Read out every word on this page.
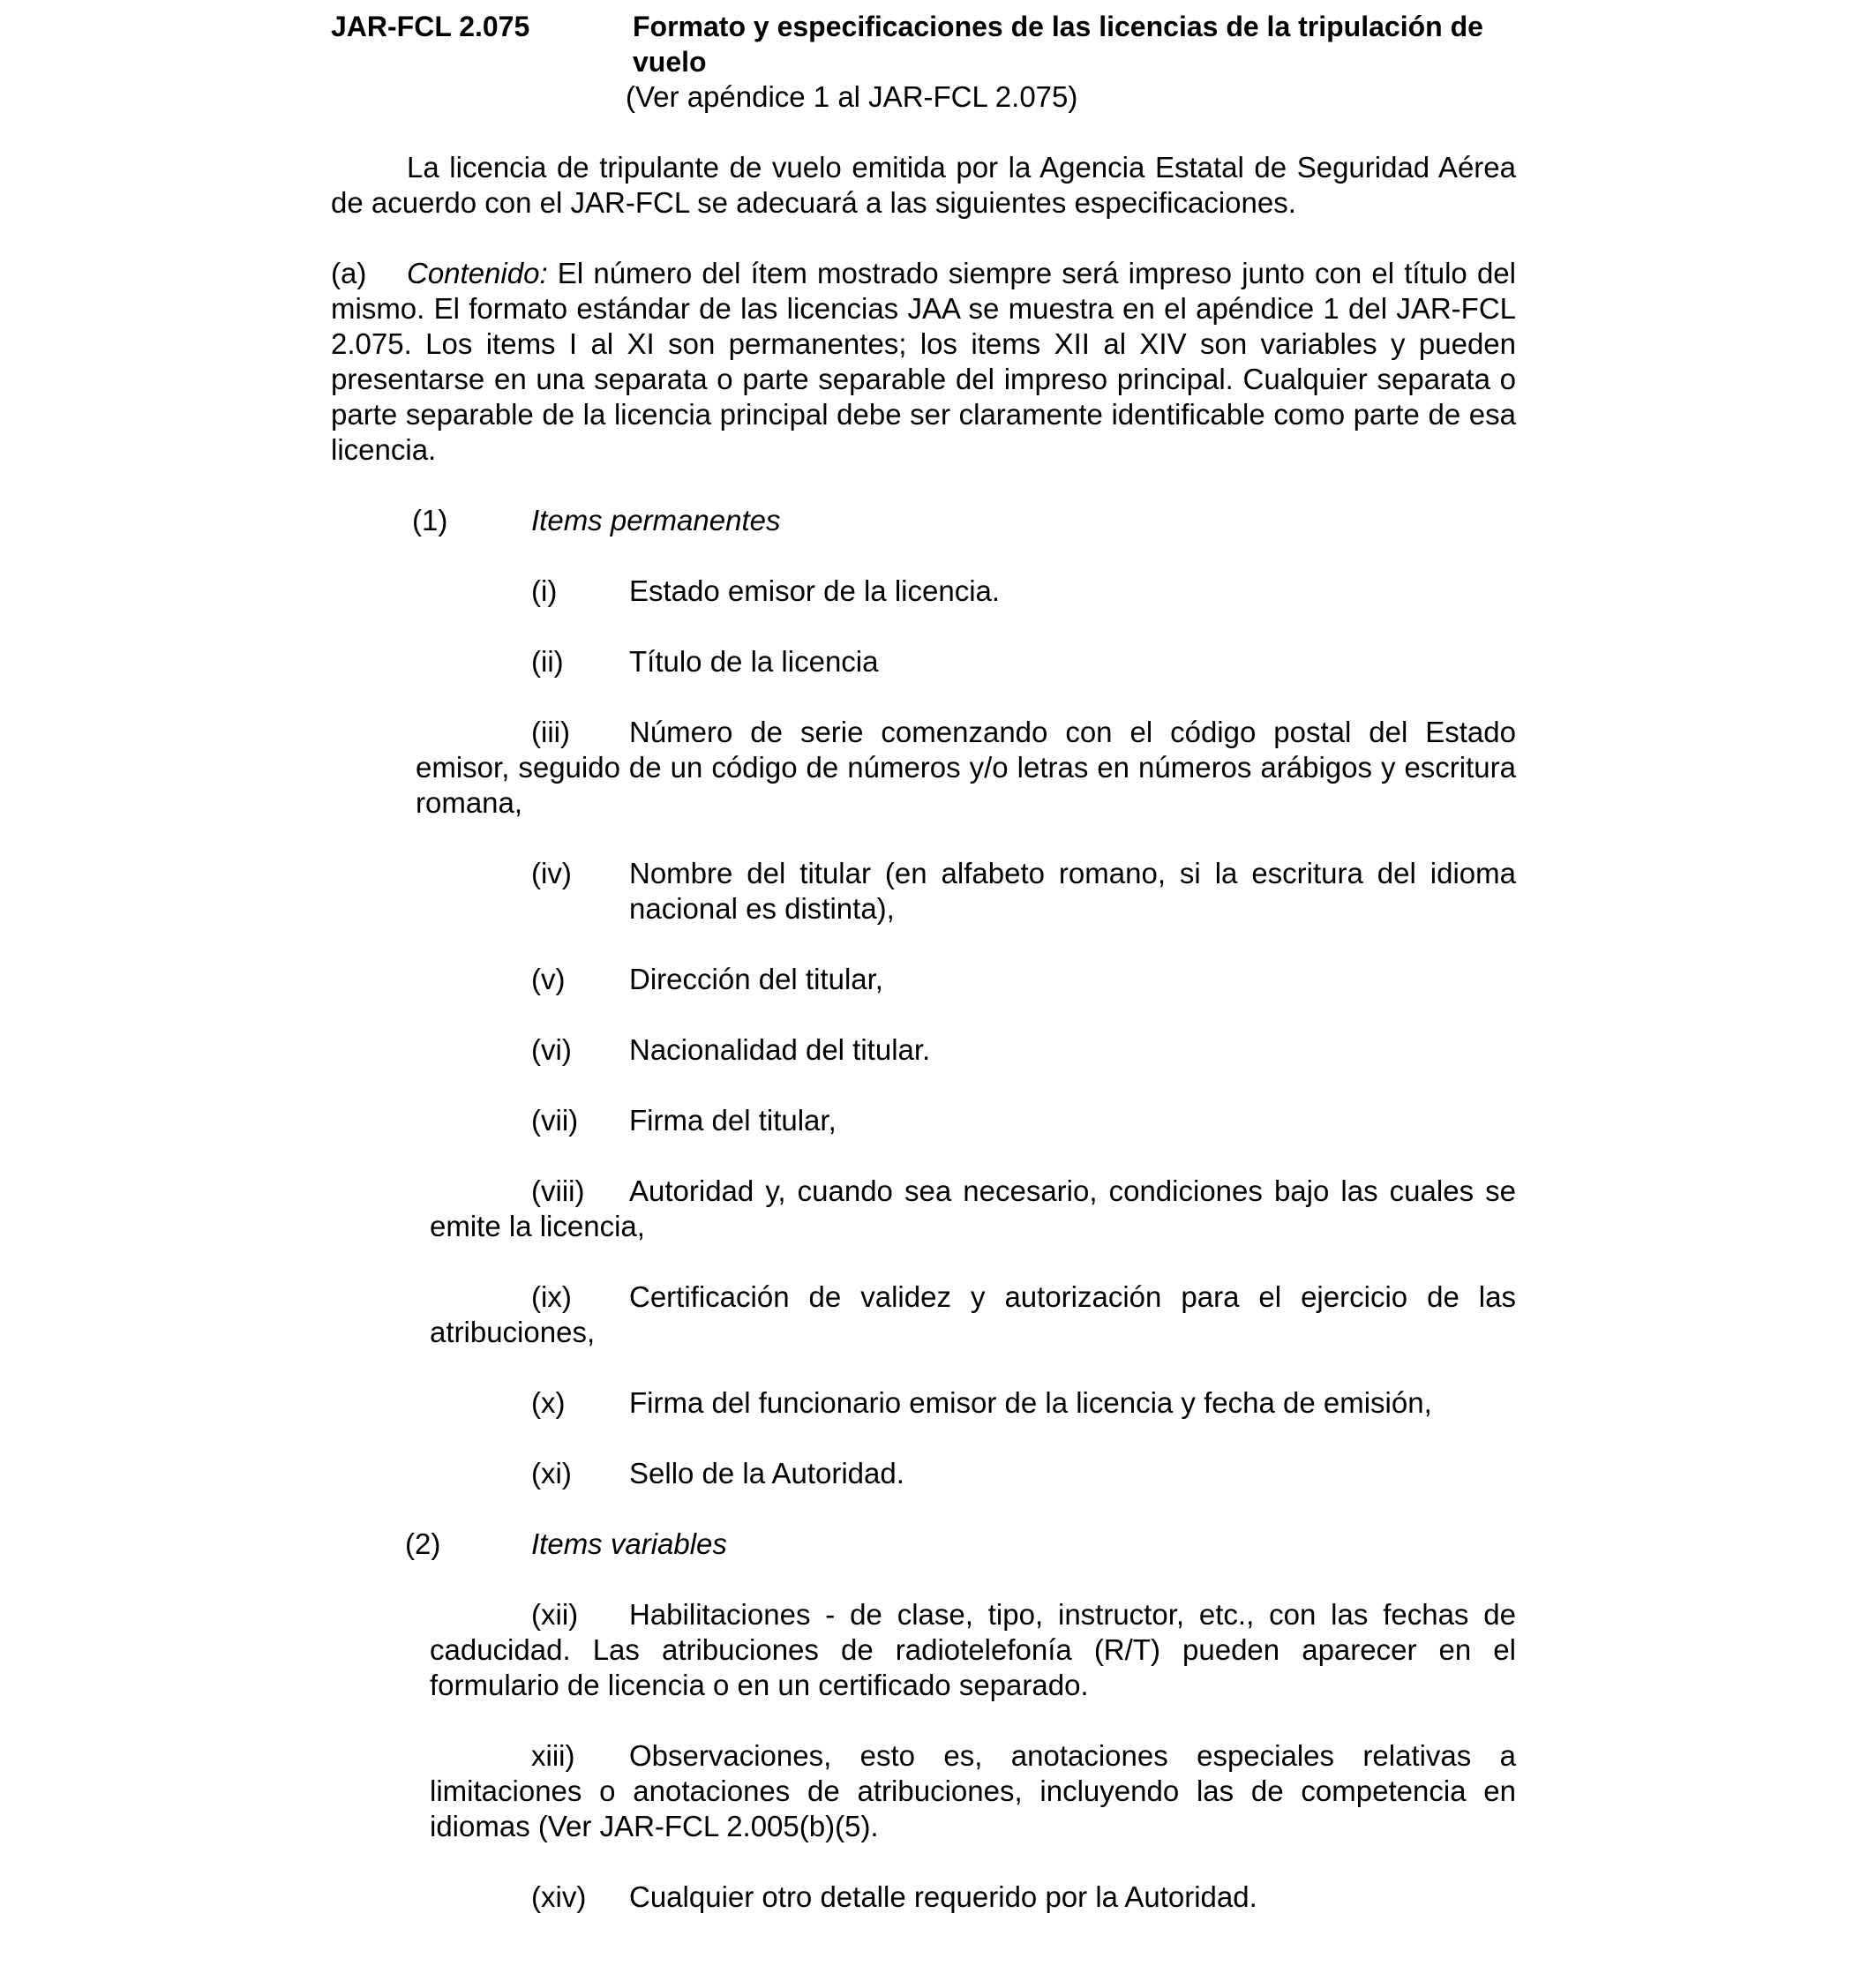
JAR-FCL 2.075	Formato y especificaciones de las licencias de la tripulación de vuelo
(Ver apéndice 1 al JAR-FCL 2.075)
La licencia de tripulante de vuelo emitida por la Agencia Estatal de Seguridad Aérea de acuerdo con el JAR-FCL se adecuará a las siguientes especificaciones.
(a) Contenido: El número del ítem mostrado siempre será impreso junto con el título del mismo. El formato estándar de las licencias JAA se muestra en el apéndice 1 del JAR-FCL 2.075. Los items I al XI son permanentes; los items XII al XIV son variables y pueden presentarse en una separata o parte separable del impreso principal. Cualquier separata o parte separable de la licencia principal debe ser claramente identificable como parte de esa licencia.
(1)	Items permanentes
(i) Estado emisor de la licencia.
(ii) Título de la licencia
(iii) Número de serie comenzando con el código postal del Estado emisor, seguido de un código de números y/o letras en números arábigos y escritura romana,
(iv) Nombre del titular (en alfabeto romano, si la escritura del idioma nacional es distinta),
(v) Dirección del titular,
(vi) Nacionalidad del titular.
(vii) Firma del titular,
(viii) Autoridad y, cuando sea necesario, condiciones bajo las cuales se emite la licencia,
(ix) Certificación de validez y autorización para el ejercicio de las atribuciones,
(x) Firma del funcionario emisor de la licencia y fecha de emisión,
(xi) Sello de la Autoridad.
(2)	Items variables
(xii) Habilitaciones - de clase, tipo, instructor, etc., con las fechas de caducidad. Las atribuciones de radiotelefonía (R/T) pueden aparecer en el formulario de licencia o en un certificado separado.
xiii) Observaciones, esto es, anotaciones especiales relativas a limitaciones o anotaciones de atribuciones, incluyendo las de competencia en idiomas (Ver JAR-FCL 2.005(b)(5).
(xiv) Cualquier otro detalle requerido por la Autoridad.
